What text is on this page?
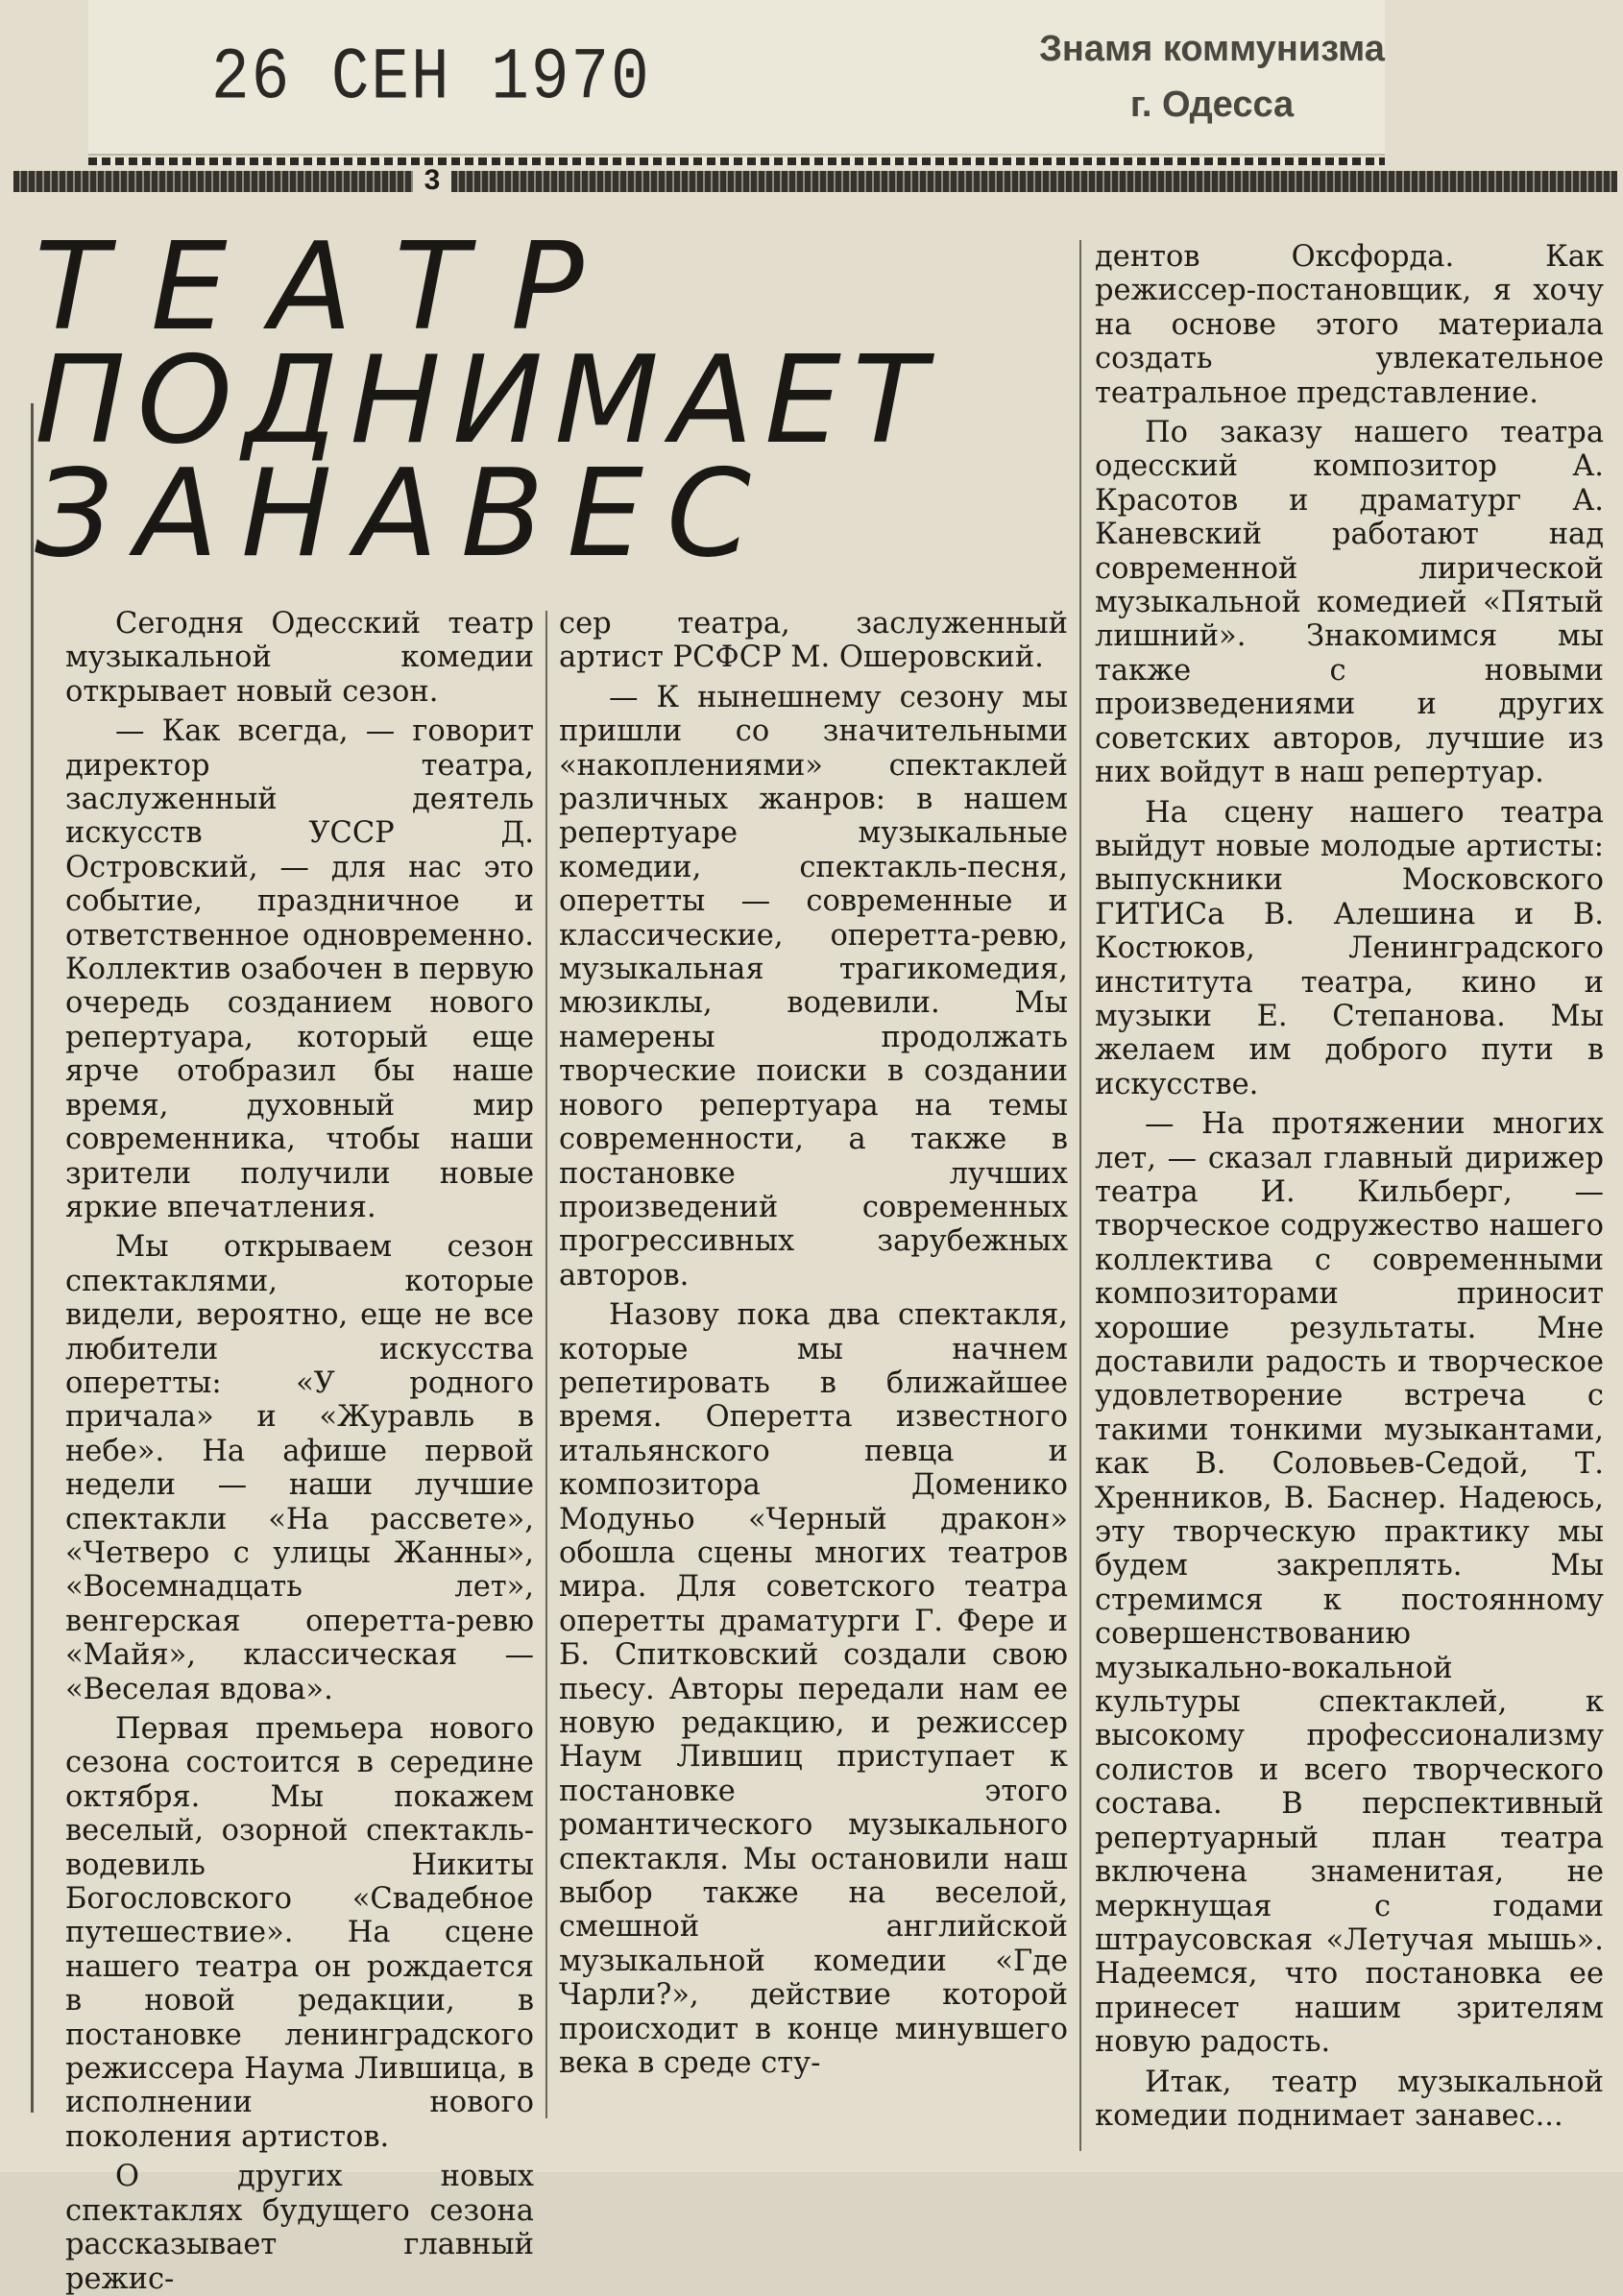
26 СЕН 1970	Знамя коммунизма
г. Одесса
3
ТЕАТР
ПОДНИМАЕТ
ЗАНАВЕС

Сегодня Одесский театр музыкальной комедии открывает новый сезон.

— Как всегда, — говорит директор театра, заслуженный деятель искусств УССР Д. Островский, — для нас это событие, праздничное и ответственное одновременно. Коллектив озабочен в первую очередь созданием нового репертуара, который еще ярче отобразил бы наше время, духовный мир современника, чтобы наши зрители получили новые яркие впечатления.

Мы открываем сезон спектаклями, которые видели, вероятно, еще не все любители искусства оперетты: «У родного причала» и «Журавль в небе». На афише первой недели — наши лучшие спектакли «На рассвете», «Четверо с улицы Жанны», «Восемнадцать лет», венгерская оперетта-ревю «Майя», классическая — «Веселая вдова».

Первая премьера нового сезона состоится в середине октября. Мы покажем веселый, озорной спектакль-водевиль Никиты Богословского «Свадебное путешествие». На сцене нашего театра он рождается в новой редакции, в постановке ленинградского режиссера Наума Лившица, в исполнении нового поколения артистов.

О других новых спектаклях будущего сезона рассказывает главный режис-

сер театра, заслуженный артист РСФСР М. Ошеровский.

— К нынешнему сезону мы пришли со значительными «накоплениями» спектаклей различных жанров: в нашем репертуаре музыкальные комедии, спектакль-песня, оперетты — современные и классические, оперетта-ревю, музыкальная трагикомедия, мюзиклы, водевили. Мы намерены продолжать творческие поиски в создании нового репертуара на темы современности, а также в постановке лучших произведений современных прогрессивных зарубежных авторов.

Назову пока два спектакля, которые мы начнем репетировать в ближайшее время. Оперетта известного итальянского певца и композитора Доменико Модуньо «Черный дракон» обошла сцены многих театров мира. Для советского театра оперетты драматурги Г. Фере и Б. Спитковский создали свою пьесу. Авторы передали нам ее новую редакцию, и режиссер Наум Лившиц приступает к постановке этого романтического музыкального спектакля. Мы остановили наш выбор также на веселой, смешной английской музыкальной комедии «Где Чарли?», действие которой происходит в конце минувшего века в среде сту-

дентов Оксфорда. Как режиссер-постановщик, я хочу на основе этого материала создать увлекательное театральное представление.

По заказу нашего театра одесский композитор А. Красотов и драматург А. Каневский работают над современной лирической музыкальной комедией «Пятый лишний». Знакомимся мы также с новыми произведениями и других советских авторов, лучшие из них войдут в наш репертуар.

На сцену нашего театра выйдут новые молодые артисты: выпускники Московского ГИТИСа В. Алешина и В. Костюков, Ленинградского института театра, кино и музыки Е. Степанова. Мы желаем им доброго пути в искусстве.

— На протяжении многих лет, — сказал главный дирижер театра И. Кильберг, — творческое содружество нашего коллектива с современными композиторами приносит хорошие результаты. Мне доставили радость и творческое удовлетворение встреча с такими тонкими музыкантами, как В. Соловьев-Седой, Т. Хренников, В. Баснер. Надеюсь, эту творческую практику мы будем закреплять. Мы стремимся к постоянному совершенствованию музыкально-вокальной культуры спектаклей, к высокому профессионализму солистов и всего творческого состава. В перспективный репертуарный план театра включена знаменитая, не меркнущая с годами штраусовская «Летучая мышь». Надеемся, что постановка ее принесет нашим зрителям новую радость.

Итак, театр музыкальной комедии поднимает занавес...
